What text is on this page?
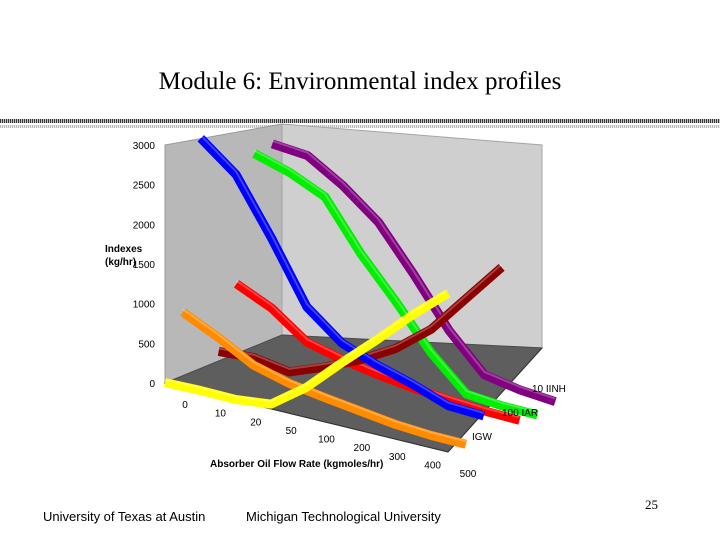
Module 6: Environmental index profiles
0
500
1000
1500
2000
2500
3000
0
10
20
50
100
200
300
400
500
IGW
100 IAR
10 IINH
Indexes (kg/hr)
Absorber Oil Flow Rate (kgmoles/hr)
University of Texas at Austin	Michigan Technological University
25
